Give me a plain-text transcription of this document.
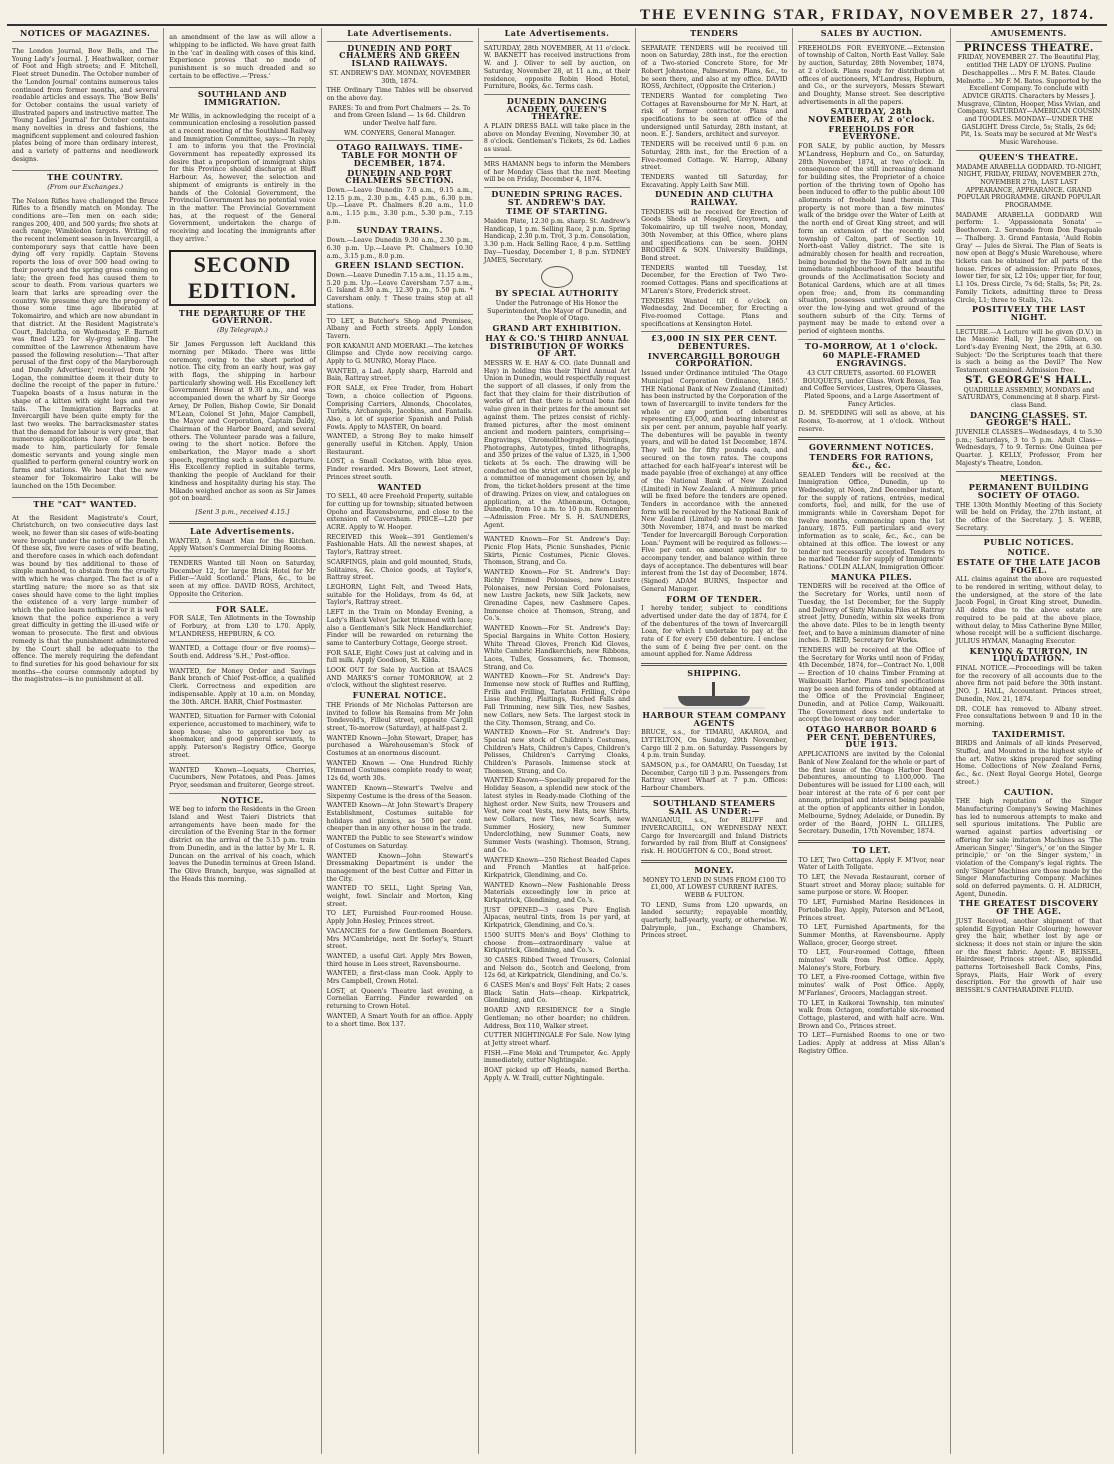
THE EVENING STAR, FRIDAY, NOVEMBER 27, 1874.
NOTICES OF MAGAZINES.

The London Journal, Bow Bells, and The Young Lady's Journal. J. Heathwalker, corner of Foot and High streets; and F. Mitchell, Fleet street Dunedin. The October number of the 'London Journal' contains numerous tales continued from former months, and several readable articles and essays. The 'Bow Bells' for October contains the usual variety of illustrated papers and instructive matter. The 'Young Ladies' Journal' for October contains many novelties in dress and fashions, the magnificent supplement and coloured fashion plates being of more than ordinary interest, and a variety of patterns and needlework designs.

THE COUNTRY.
(From our Exchanges.)

The Nelson Rifles have challenged the Bruce Rifles to a friendly match on Monday. The conditions are—Ten men on each side; ranges 200, 400, and 500 yards; five shots at each range; Wimbledon targets. Writing of the recent inclement season in Invercargill, a contemporary says that cattle have been dying off very rapidly. Captain Stevens reports the loss of over 500 head owing to their poverty and the spring grass coming on late; the green feed has caused them to scour to death. From various quarters we learn that larks are spreading over the country. We presume they are the progeny of those some time ago liberated at Tokomairiro, and which are now abundant in that district. At the Resident Magistrate's Court, Balclutha, on Wednesday, F. Barnett was fined L25 for sly-grog selling. The committee of the Lawrence Athenæum have passed the following resolution:—'That after perusal of the first copy of the Maryborough and Dunolly Advertiser,' received from Mr Logan, the committee deem it their duty to decline the receipt of the paper in future.' Tuapeka boasts of a lusus naturæ in the shape of a kitten with eight legs and two tails. The Immigration Barracks at Invercargill have been quite empty for the last two weeks. The barracksmaster states that the demand for labour is very great, that numerous applications have of late been made to him, particularly for female domestic servants and young single men qualified to perform general country work on farms and stations. We hear that the new steamer for Tokomairiro Lake will be launched on the 15th December.

THE "CAT" WANTED.

At the Resident Magistrate's Court, Christchurch, on two consecutive days last week, no fewer than six cases of wife-beating were brought under the notice of the Bench. Of these six, five were cases of wife beating, and therefore cases in which each defendant was bound by ties additional to those of simple manhood, to abstain from the cruelty with which he was charged. The fact is of a startling nature; the more so as that six cases should have come to the light implies the existence of a very large number of which the police learn nothing. For it is well known that the police experience a very great difficulty in getting the ill-used wife or woman to prosecute. The first and obvious remedy is that the punishment administered by the Court shall be adequate to the offence. The merely requiring the defendant to find sureties for his good behaviour for six months—the course commonly adopted by the magistrates—is no punishment at all.

an amendment of the law as will allow a whipping to be inflicted. We have great faith in the 'cat' in dealing with cases of this kind. Experience proves that no mode of punishment is so much dreaded and so certain to be effective.—'Press.'

SOUTHLAND AND IMMIGRATION.

Mr Willis, in acknowledging the receipt of a communication enclosing a resolution passed at a recent meeting of the Southland Railway and Immigration Committee, says:—'In reply, I am to inform you that the Provincial Government has repeatedly expressed its desire that a proportion of immigrant ships for this Province should discharge at Bluff Harbour. As, however, the selection and shipment of emigrants is entirely in the hands of the Colonial Government, the Provincial Government has no potential voice in the matter. The Provincial Government has, at the request of the General Government, undertaken the charge of receiving and locating the immigrants after they arrive.'

SECOND EDITION.
THE DEPARTURE OF THE GOVERNOR.
(By Telegraph.)

Sir James Fergusson left Auckland this morning per Mikado. There was little ceremony, owing to the short period of notice. The city, from an early hour, was gay with flags, the shipping in harbour particularly showing well. His Excellency left Government House at 9.30 a.m., and was accompanied down the wharf by Sir George Arney, Dr Pollen, Bishop Cowie, Sir Donald M'Lean, Colonel St John, Major Campbell, the Mayor and Corporation, Captain Daldy, Chairman of the Harbor Board, and several others. The Volunteer parade was a failure, owing to the short notice. Before the embarkation, the Mayor made a short speech, regretting such a sudden departure. His Excellency replied in suitable terms, thanking the people of Auckland for their kindness and hospitality during his stay. The Mikado weighed anchor as soon as Sir James got on board.

[Sent 3 p.m., received 4.15.]
Late Advertisements.

WANTED, A Smart Man for the Kitchen. Apply Watson's Commercial Dining Rooms.

TENDERS Wanted till Noon on Saturday, December 12, for large Brick Hotel for Mr Fidler—'Auld Scotland.' Plans, &c., to be seen at my office. DAVID ROSS, Architect, Opposite the Criterion.

FOR SALE.

FOR SALE, Ten Allotments in the Township of Forbury, at from L30 to L70. Apply, M'LANDRESS, HEPBURN, & CO.

WANTED, a Cottage (four or five rooms)—South end. Address 'S.H.,' Post-office.

WANTED, for Money Order and Savings Bank branch of Chief Post-office, a qualified Clerk. Correctness and expedition are indispensable. Apply at 10 a.m. on Monday, the 30th. ARCH. BARR, Chief Postmaster.

WANTED, Situation for Farmer with Colonial experience, accustomed to machinery, wife to keep house; also to apprentice boy as shoemaker, and good general servants, to apply. Paterson's Registry Office, George street.

WANTED Known—Loquats, Cherries, Cucumbers, New Potatoes, and Peas. James Pryor, seedsman and fruiterer, George street.

NOTICE.

WE beg to inform the Residents in the Green Island and West Taieri Districts that arrangements have been made for the circulation of the Evening Star in the former district on the arrival of the 5.15 p.m. train from Dunedin, and in the latter by Mr L. R. Duncan on the arrival of his coach, which leaves the Dunedin terminus at Green Island. The Olive Branch, barque, was signalled at the Heads this morning.

Late Advertisements.
DUNEDIN AND PORT CHALMERS AND GREEN ISLAND RAILWAYS.
ST. ANDREW'S DAY. MONDAY, NOVEMBER 30th, 1874.

THE Ordinary Time Tables will be observed on the above day.

FARES: To and from Port Chalmers — 2s. To and from Green Island — 1s 6d. Children under Twelve half fare.

WM. CONYERS, General Manager.
OTAGO RAILWAYS. TIME-TABLE FOR MONTH OF DECEMBER, 1874.
DUNEDIN AND PORT CHALMERS SECTION.

Down.—Leave Dunedin 7.0 a.m., 9.15 a.m., 12.15 p.m., 2.30 p.m., 4.45 p.m., 6.30 p.m. Up.—Leave Pt. Chalmers 8.20 a.m., 11.0 a.m., 1.15 p.m., 3.30 p.m., 5.30 p.m., 7.15 p.m.

SUNDAY TRAINS.

Down.—Leave Dunedin 9.30 a.m., 2.30 p.m., 6.30 p.m. Up.—Leave Pt. Chalmers 10.30 a.m., 3.15 p.m., 8.0 p.m.

GREEN ISLAND SECTION.

Down.—Leave Dunedin 7.15 a.m., 11.15 a.m., 5.20 p.m. Up.—Leave Caversham 7.57 a.m., G. Island 8.30 a.m., 12.30 p.m., 5.50 p.m. * Caversham only. † These trains stop at all stations.

TO LET, a Butcher's Shop and Premises, Albany and Forth streets. Apply London Tavern.

FOR KAKANUI AND MOERAKI.—The ketches Glimpse and Clyde now receiving cargo. Apply to G. MUNRO, Moray Place.

WANTED, a Lad. Apply sharp, Harrold and Bain, Rattray street.

FOR SALE, ex Free Trader, from Hobart Town, a choice collection of Pigeons. Comprising Carriers, Almonds, Chocolates, Turbits, Archangels, Jacobins, and Fantails. Also, a lot of superior Spanish and Polish Fowls. Apply to MASTER, On board.

WANTED, a Strong Boy to make himself generally useful in Kitchen. Apply, Union Restaurant.

LOST, a Small Cockatoo, with blue eyes. Finder rewarded. Mrs Bowers, Leet street, Princes street south.

WANTED

TO SELL, 40 acre Freehold Property, suitable for cutting up for township; situated between Opoho and Ravensbourne, and close to the extension of Caversham. PRICE—L20 per ACRE. Apply to W. Hooper.

RECEIVED this Week—391 Gentlemen's Fashionable Hats. All the newest shapes, at Taylor's, Rattray street.

SCARFINGS, plain and gold mounted, Studs, Solitaires, &c. Choice goods, at Taylor's, Rattray street.

LEGHORN, Light Felt, and Tweed Hats, suitable for the Holidays, from 4s 6d, at Taylor's, Rattray street.

LEFT in the Train on Monday Evening, a Lady's Black Velvet Jacket trimmed with lace; also a Gentleman's Silk Neck Handkerchief. Finder will be rewarded on returning the same to Canterbury Cottage, George street.

FOR SALE, Eight Cows just at calving and in full milk. Apply Goodison, St. Kilda.

LOOK OUT for Sale by Auction at ISAACS AND MARKS'S corner TOMORROW, at 2 o'clock, without the slightest reserve.

FUNERAL NOTICE.

THE Friends of Mr Nicholas Patterson are invited to follow his Remains from Mr John Tondevold's, Filleul street, opposite Cargill street, To-morrow (Saturday), at half-past 2.

WANTED Known—John Stewart, Draper, has purchased a Warehouseman's Stock of Costumes at an enormous discount.

WANTED Known — One Hundred Richly Trimmed Costumes complete ready to wear, 12s 6d, worth 30s.

WANTED Known—Stewart's Twelve and Sixpenny Costume is the dress of the Season.

WANTED Known—At John Stewart's Drapery Establishment, Costumes suitable for holidays and picnics, as 500 per cent. cheaper than in any other house in the trade.

WANTED the Public to see Stewart's window of Costumes on Saturday.

WANTED Known—John Stewart's Dressmaking Department is under the management of the best Cutter and Fitter in the City.

WANTED TO SELL, Light Spring Van, weight, fowl. Sinclair and Morton, King street.

TO LET, Furnished Four-roomed House. Apply John Hesley, Princes street.

VACANCIES for a few Gentlemen Boarders. Mrs M'Cambridge, next Dr Sorley's, Stuart street.

WANTED, a useful Girl. Apply Mrs Bowen, third house in Lees street, Ravensbourne.

WANTED, a first-class man Cook. Apply to Mrs Campbell, Crown Hotel.

LOST, at Queen's Theatre last evening, a Cornelian Earring. Finder rewarded on returning to Crown Hotel.

WANTED, A Smart Youth for an office. Apply to a short time. Box 137.

Late Advertisements.

SATURDAY, 28th NOVEMBER, At 11 o'clock. W. BAKNETT has received instructions from W. and J. Oliver to sell by auction, on Saturday, November 28, at 11 a.m., at their residence, opposite Robin Hood Hotel, Furniture, Books, &c. Terms cash.

DUNEDIN DANCING ACADEMY, QUEEN'S THEATRE.

A PLAIN DRESS BALL will take place in the above on Monday Evening, November 30, at 8 o'clock. Gentleman's Tickets, 2s 6d. Ladies as usual.

MRS HAMANN begs to inform the Members of her Monday Class that the next Meeting will be on Friday, December 4, 1874.

DUNEDIN SPRING RACES. ST. ANDREW'S DAY.
TIME OF STARTING.

Maiden Plate, 12.30 p.m. sharp. St. Andrew's Handicap, 1 p.m. Selling Race, 2 p.m. Spring Handicap, 2.30 p.m. Trot, 3 p.m. Consolation, 3.30 p.m. Hack Selling Race, 4 p.m. Settling Day—Tuesday, December 1, 8 p.m. SYDNEY JAMES, Secretary.

BY SPECIAL AUTHORITY

Under the Patronage of His Honor the Superintendent, the Mayor of Dunedin, and the People of Otago.

GRAND ART EXHIBITION.
HAY & CO.'S THIRD ANNUAL DISTRIBUTION OF WORKS OF ART.

MESSRS W. E. HAY & CO. (late Dunnall and Hay) in holding this their Third Annual Art Union in Dunedin, would respectfully request the support of all classes, if only from the fact that they claim for their distribution of works of art that there is actual bona fide value given in their prizes for the amount set against them. The prizes consist of richly-framed pictures, after the most eminent ancient and modern painters, comprising—Engravings, Chromolithographs, Paintings, Photographs, Autotypes, tinted lithographs, and 350 prizes of the value of L325, in 1,500 tickets at 5s each. The drawing will be conducted on the strict art union principle by a committee of management chosen by, and from, the ticket-holders present at the time of drawing. Prizes on view, and catalogues on application, at the Athenæum, Octagon, Dunedin, from 10 a.m. to 10 p.m. Remember—Admission Free. Mr S. H. SAUNDERS, Agent.

WANTED Known—For St. Andrew's Day: Picnic Flop Hats, Picnic Sunshades, Picnic Skirts, Picnic Costumes, Picnic Gloves. Thomson, Strang, and Co.

WANTED Known—For St. Andrew's Day: Richly Trimmed Polonaises, new Lustre Polonaises, new Persian Cord Polonaises, new Lustre Jackets, new Silk Jackets, new Grenadine Capes, new Cashmere Capes. Immense choice at Thomson, Strang, and Co.'s.

WANTED Known—For St. Andrew's Day: Special Bargains in White Cotton Hosiery, White Thread Gloves, French Kid Gloves, White Cambric Handkerchiefs, new Ribbons, Laces, Tulles, Gossamers, &c. Thomson, Strang, and Co.

WANTED Known—For St. Andrew's Day: Immense new stock of Ruffles and Ruffling, Frills and Frilling, Tarlatan Frilling, Crêpe Lisse Ruching, Plaitings, Ruched Falls and Fall Trimming, new Silk Ties, new Sashes, new Collars, new Sets. The largest stock in the City. Thomson, Strang, and Co.

WANTED Known—For St. Andrew's Day: Special new stock of Children's Costumes, Children's Hats, Children's Capes, Children's Pelisses, Children's Carrying Cloaks, Children's Parasols. Immense stock at Thomson, Strang, and Co.

WANTED Known—Specially prepared for the Holiday Season, a splendid new stock of the latest styles in Ready-made Clothing of the highest order. New Suits, new Trousers and Vest, new coat Vests, new Hats, new Shirts, new Collars, new Ties, new Scarfs, new Summer Hosiery, new Summer Underclothing, new Summer Coats, new Summer Vests (washing). Thomson, Strang, and Co.

WANTED Known—250 Richest Beaded Capes and French Mantles at half-price. Kirkpatrick, Glendining, and Co.

WANTED Known—New Fashionable Dress Materials exceedingly low in price at Kirkpatrick, Glendining, and Co.'s.

JUST OPENED—3 cases Pure English Alpacas, neutral tints, from 1s per yard, at Kirkpatrick, Glendining, and Co.'s.

1500 SUITS Men's and Boys' Clothing to choose from—extraordinary value at Kirkpatrick, Glendining, and Co.'s.

30 CASES Ribbed Tweed Trousers, Colonial and Nelson do., Scotch and Geelong, from 12s 6d, at Kirkpatrick, Glendining, and Co.'s.

6 CASES Men's and Boys' Felt Hats; 2 cases Black Satin Hats—cheap. Kirkpatrick, Glendining, and Co.

BOARD AND RESIDENCE for a Single Gentleman; no other boarder; no children. Address, Box 110, Walker street.

CUTTER NIGHTINGALE For Sale. Now lying at Jetty street wharf.

FISH.—Fine Moki and Trumpeter, &c. Apply immediately, cutter Nightingale.

BOAT picked up off Heads, named Bertha. Apply A. W. Traill, cutter Nightingale.

TENDERS

SEPARATE TENDERS will be received till noon on Saturday, 28th inst., for the erection of a Two-storied Concrete Store, for Mr Robert Johnstone, Palmerston. Plans, &c., to be seen there, and also at my office. DAVID ROSS, Architect, (Opposite the Criterion.)

TENDERS Wanted for completing Two Cottages at Ravensbourne for Mr N. Hart, at risk of former contractor. Plans and specifications to be seen at office of the undersigned until Saturday, 28th instant, at noon. E. J. Sanders, architect and surveyor.

TENDERS will be received until 6 p.m. on Saturday, 28th inst., for the Erection of a Five-roomed Cottage. W. Harrop, Albany street.

TENDERS wanted till Saturday, for Excavating. Apply Leith Saw Mill.

DUNEDIN AND CLUTHA RAILWAY.

TENDERS will be received for Erection of Goods Sheds at Mosgiel, Greytown, and Tokomairiro, up till twelve noon, Monday, 30th November, at this Office, where plans and specifications can be seen. JOHN BROGDEN & SON. University Buildings, Bond street.

TENDERS wanted till Tuesday, 1st December, for the Erection of Two Two-roomed Cottages. Plans and specifications at M'Laren's Store, Frederick street.

TENDERS Wanted till 6 o'clock on Wednesday, 2nd December, for Erecting a Five-roomed Cottage. Plans and specifications at Kensington Hotel.

£3,000 IN SIX PER CENT. DEBENTURES.
INVERCARGILL BOROUGH CORPORATION.

Issued under Ordinance intituled 'The Otago Municipal Corporation Ordinance, 1865.' THE National Bank of New Zealand (Limited) has been instructed by the Corporation of the town of Invercargill to invite tenders for the whole or any portion of debentures representing £3,000, and bearing interest at six per cent. per annum, payable half yearly. The debentures will be payable in twenty years, and will be dated 1st December, 1874. They will be for fifty pounds each, and secured on the town rates. The coupons attached for each half-year's interest will be made payable (free of exchange) at any office of the National Bank of New Zealand (Limited) in New Zealand. A minimum price will be fixed before the tenders are opened. Tenders in accordance with the annexed form will be received by the National Bank of New Zealand (Limited) up to noon on the 30th November, 1874, and must be marked 'Tender for Invercargill Borough Corporation Loan.' Payment will be required as follows:—Five per cent. on amount applied for to accompany tender, and balance within three days of acceptance. The debentures will bear interest from the 1st day of December, 1874. (Signed) ADAM BURNS, Inspector and General Manager.

FORM OF TENDER.

I hereby tender, subject to conditions advertised under date the day of 1874, for £ of the debentures of the town of Invercargill Loan, for which I undertake to pay at the rate of £ for every £50 debenture. I enclose the sum of £ being five per cent. on the amount applied for. Name Address

SHIPPING.
HARBOUR STEAM COMPANY AGENTS

BRUCE, s.s., for TIMARU, AKAROA, and LYTTELTON, On Sunday, 29th November, Cargo till 2 p.m. on Saturday. Passengers by 4 p.m. train Sunday.

SAMSON, p.s., for OAMARU, On Tuesday, 1st December, Cargo till 3 p.m. Passengers from Rattray street Wharf at 7 p.m. Offices: Harbour Chambers.

SOUTHLAND STEAMERS SAIL AS UNDER:—

WANGANUI, s.s., for BLUFF and INVERCARGILL, ON WEDNESDAY NEXT. Cargo for Invercargill and Inland Districts forwarded by rail from Bluff at Consignees' risk. H. HOUGHTON & CO., Bond street.

MONEY.

MONEY TO LEND IN SUMS FROM £100 TO £1,000, AT LOWEST CURRENT RATES. WEBB & FULTON.

TO LEND, Sums from L20 upwards, on landed security; repayable monthly, quarterly, half-yearly, yearly, or otherwise. W. Dalrymple, jun., Exchange Chambers, Princes street.

SALES BY AUCTION.

FREEHOLDS FOR EVERYONE.—Extension of township of Calton, North East Valley. Sale by auction, Saturday, 28th November, 1874, at 2 o'clock. Plans ready for distribution at offices of auctioneers, M'Landress, Hepburn, and Co., or the surveyors, Messrs Stewart and Doughty, Manse street. See descriptive advertisements in all the papers.

SATURDAY, 28th NOVEMBER, At 2 o'clock.
FREEHOLDS FOR EVERYONE.

FOR SALE, by public auction, by Messrs M'Landress, Hepburn and Co., on Saturday, 28th November, 1874, at two o'clock. In consequence of the still increasing demand for building sites, the Proprietor of a choice portion of the thriving town of Opoho has been induced to offer to the public about 100 allotments of freehold land therein. This property is not more than a few minutes' walk of the bridge over the Water of Leith at the north end of Great King street, and will form an extension of the recently sold township of Calton, part of Section 10, North-east Valley district. The site is admirably chosen for health and recreation, being bounded by the Town Belt and in the immediate neighbourhood of the beautiful grounds of the Acclimatisation Society and Botanical Gardens, which are at all times open free; and, from its commanding situation, possesses unrivalled advantages over the low-lying and wet ground of the southern suburb of the City. Terms of payment may be made to extend over a period of eighteen months.

TO-MORROW, At 1 o'clock.
60 MAPLE-FRAMED ENGRAVINGS.

43 CUT CRUETS, assorted. 60 FLOWER BOUQUETS, under Glass. Work Boxes, Tea and Coffee Services, Lustres, Opera Glasses, Plated Spoons, and a Large Assortment of Fancy Articles.

D. M. SPEDDING will sell as above, at his Rooms, To-morrow, at 1 o'clock. Without reserve.

GOVERNMENT NOTICES.
TENDERS FOR RATIONS, &c., &c.

SEALED Tenders will be received at the Immigration Office, Dunedin, up to Wednesday, at Noon, 2nd December instant, for the supply of rations, entrées, medical comforts, fuel, and milk, for the use of immigrants while in Caversham Depot for twelve months, commencing upon the 1st January, 1875. Full particulars and every information as to scale, &c., &c., can be obtained at this office. The lowest or any tender not necessarily accepted. Tenders to be marked 'Tender for supply of Immigrants' Rations.' COLIN ALLAN, Immigration Officer.

MANUKA PILES.

TENDERS will be received at the Office of the Secretary for Works, until noon of Tuesday, the 1st December, for the Supply and Delivery of Sixty Manuka Piles at Rattray street Jetty, Dunedin, within six weeks from the above date. Piles to be in length twenty feet, and to have a minimum diameter of nine inches. D. REID, Secretary for Works.

TENDERS will be received at the Office of the Secretary for Works until noon of Friday, 4th December, 1874, for—Contract No. 1,008 — Erection of 10 chains Timber Framing at Waikouaiti Harbor. Plans and specifications may be seen and forms of tender obtained at the Office of the Provincial Engineer, Dunedin, and at Police Camp, Waikouaiti. The Government does not undertake to accept the lowest or any tender.

OTAGO HARBOR BOARD 6 PER CENT. DEBENTURES, DUE 1913.

APPLICATIONS are invited by the Colonial Bank of New Zealand for the whole or part of the first issue of the Otago Harbor Board Debentures, amounting to L100,000. The Debentures will be issued for L100 each, will bear interest at the rate of 6 per cent per annum, principal and interest being payable at the option of applicants either in London, Melbourne, Sydney, Adelaide, or Dunedin. By order of the Board, JOHN L. GILLIES, Secretary. Dunedin, 17th November, 1874.

TO LET.

TO LET, Two Cottages. Apply F. M'Ivor, near Water of Leith Tollgate.

TO LET, the Nevada Restaurant, corner of Stuart street and Moray place; suitable for same purpose or store. W. Hooper.

TO LET, Furnished Marine Residences in Portobello Bay. Apply, Paterson and M'Leod, Princes street.

TO LET, Furnished Apartments, for the Summer Months, at Ravensbourne. Apply Wallace, grocer, George street.

TO LET, Four-roomed Cottage, fifteen minutes' walk from Post Office. Apply, Maloney's Store, Forbury.

TO LET, a Five-roomed Cottage, within five minutes' walk of Post Office. Apply, M'Farlanes', Grocers, Maclaggan street.

TO LET, in Kaikorai Township, ten minutes' walk from Octagon, comfortable six-roomed Cottage, plastered, and with half acre. Wm. Brown and Co., Princes street.

TO LET—Furnished Rooms to one or two Ladies. Apply at address at Miss Allan's Registry Office.

AMUSEMENTS.
PRINCESS THEATRE.

FRIDAY, NOVEMBER 27. The Beautiful Play, entitled THE LADY OF LYONS. Pauline Deschappelles ... Mrs F. M. Bates. Claude Melnotte ... Mr F. M. Bates. Supported by the Excellent Company. To conclude with ADVICE GRATIS. Characters by Messrs J. Musgrave, Clinton, Hooper, Miss Vivian, and Company. SATURDAY—AMERICAN COUSIN and TOODLES. MONDAY—UNDER THE GASLIGHT. Dress Circle, 5s; Stalls, 2s 6d; Pit, 1s. Seats may be secured at Mr West's Music Warehouse.

QUEEN'S THEATRE.

MADAME ARABELLA GODDARD. TO-NIGHT, NIGHT, FRIDAY, FRIDAY, NOVEMBER 27th, NOVEMBER 27th, LAST LAST APPEARANCE, APPEARANCE. GRAND POPULAR PROGRAMME. GRAND POPULAR PROGRAMME.

MADAME ARABELLA GODDARD Will perform: 1. 'Appassionata Sonata' — Beethoven. 2. Serenade from Don Pasquale — Thalberg. 3. Grand Fantasia, 'Auld Robin Gray' — Jules de Sivrai. The Plan of Seats is now open at Begg's Music Warehouse, where tickets can be obtained for all parts of the house. Prices of admission: Private Boxes, lower tier, for six, L2 10s; upper tier, for four, L1 10s. Dress Circle, 7s 6d; Stalls, 5s; Pit, 2s. Family Tickets, admitting three to Dress Circle, L1; three to Stalls, 12s.

POSITIVELY THE LAST NIGHT.

LECTURE.—A Lecture will be given (D.V.) in the Masonic Hall, by James Gibson, on Lord's-day Evening Next, the 29th, at 6.30. Subject: 'Do the Scriptures teach that there is such a being as the Devil?' The New Testament examined. Admission free.

ST. GEORGE'S HALL.

QUADRILLE ASSEMBLY, MONDAYS and SATURDAYS, Commencing at 8 sharp. First-class Band.

DANCING CLASSES. ST. GEORGE'S HALL.

JUVENILE CLASSES—Wednesdays, 4 to 5.30 p.m.; Saturdays, 3 to 5 p.m. Adult Class—Wednesdays, 7 to 9. Terms: One Guinea per Quarter. J. KELLY, Professor, From her Majesty's Theatre, London.

MEETINGS.
PERMANENT BUILDING SOCIETY OF OTAGO.

THE 130th Monthly Meeting of this Society will be held on Friday, the 27th instant, at the office of the Secretary. J. S. WEBB, Secretary.

PUBLIC NOTICES.
NOTICE.
ESTATE OF THE LATE JACOB FOGEL.

ALL claims against the above are requested to be rendered in writing, without delay, to the undersigned, at the store of the late Jacob Fogel, in Great King street, Dunedin. All debts due to the above estate are required to be paid at the above place, without delay, to Miss Catherine Byne Miller, whose receipt will be a sufficient discharge. JULIUS HYMAN, Managing Executor.

KENYON & TURTON, IN LIQUIDATION.

FINAL NOTICE.—Proceedings will be taken for the recovery of all accounts due to the above firm not paid before the 30th instant. JNO. J. HALL, Accountant. Princes street, Dunedin, Nov. 21, 1874.

DR. COLE has removed to Albany street. Free consultations between 9 and 10 in the morning.

TAXIDERMIST.

BIRDS and Animals of all kinds Preserved, Stuffed, and Mounted in the highest style of the art. Native skins prepared for sending Home. Collections of New Zealand Ferns, &c., &c. (Next Royal George Hotel, George street.)

CAUTION.

THE high reputation of the Singer Manufacturing Company's Sewing Machines has led to numerous attempts to make and sell spurious imitations. The Public are warned against parties advertising or offering for sale imitation Machines as 'The American Singer,' 'Singer's,' or 'on the Singer principle,' or 'on the Singer system,' in violation of the Company's legal rights. The only 'Singer' Machines are those made by the Singer Manufacturing Company. Machines sold on deferred payments. G. H. ALDRICH, Agent, Dunedin.

THE GREATEST DISCOVERY OF THE AGE.

JUST Received, another shipment of that splendid Egyptian Hair Colouring; however grey the hair, whether lost by age or sickness; it does not stain or injure the skin or the finest fabric. Agent: F. BEISSEL, Hairdresser, Princes street. Also, splendid patterns Tortoiseshell Back Combs, Pins, Sprays, Plaits, Hair Work of every description. For the growth of hair use BEISSEL'S CANTHARADINE FLUID.
